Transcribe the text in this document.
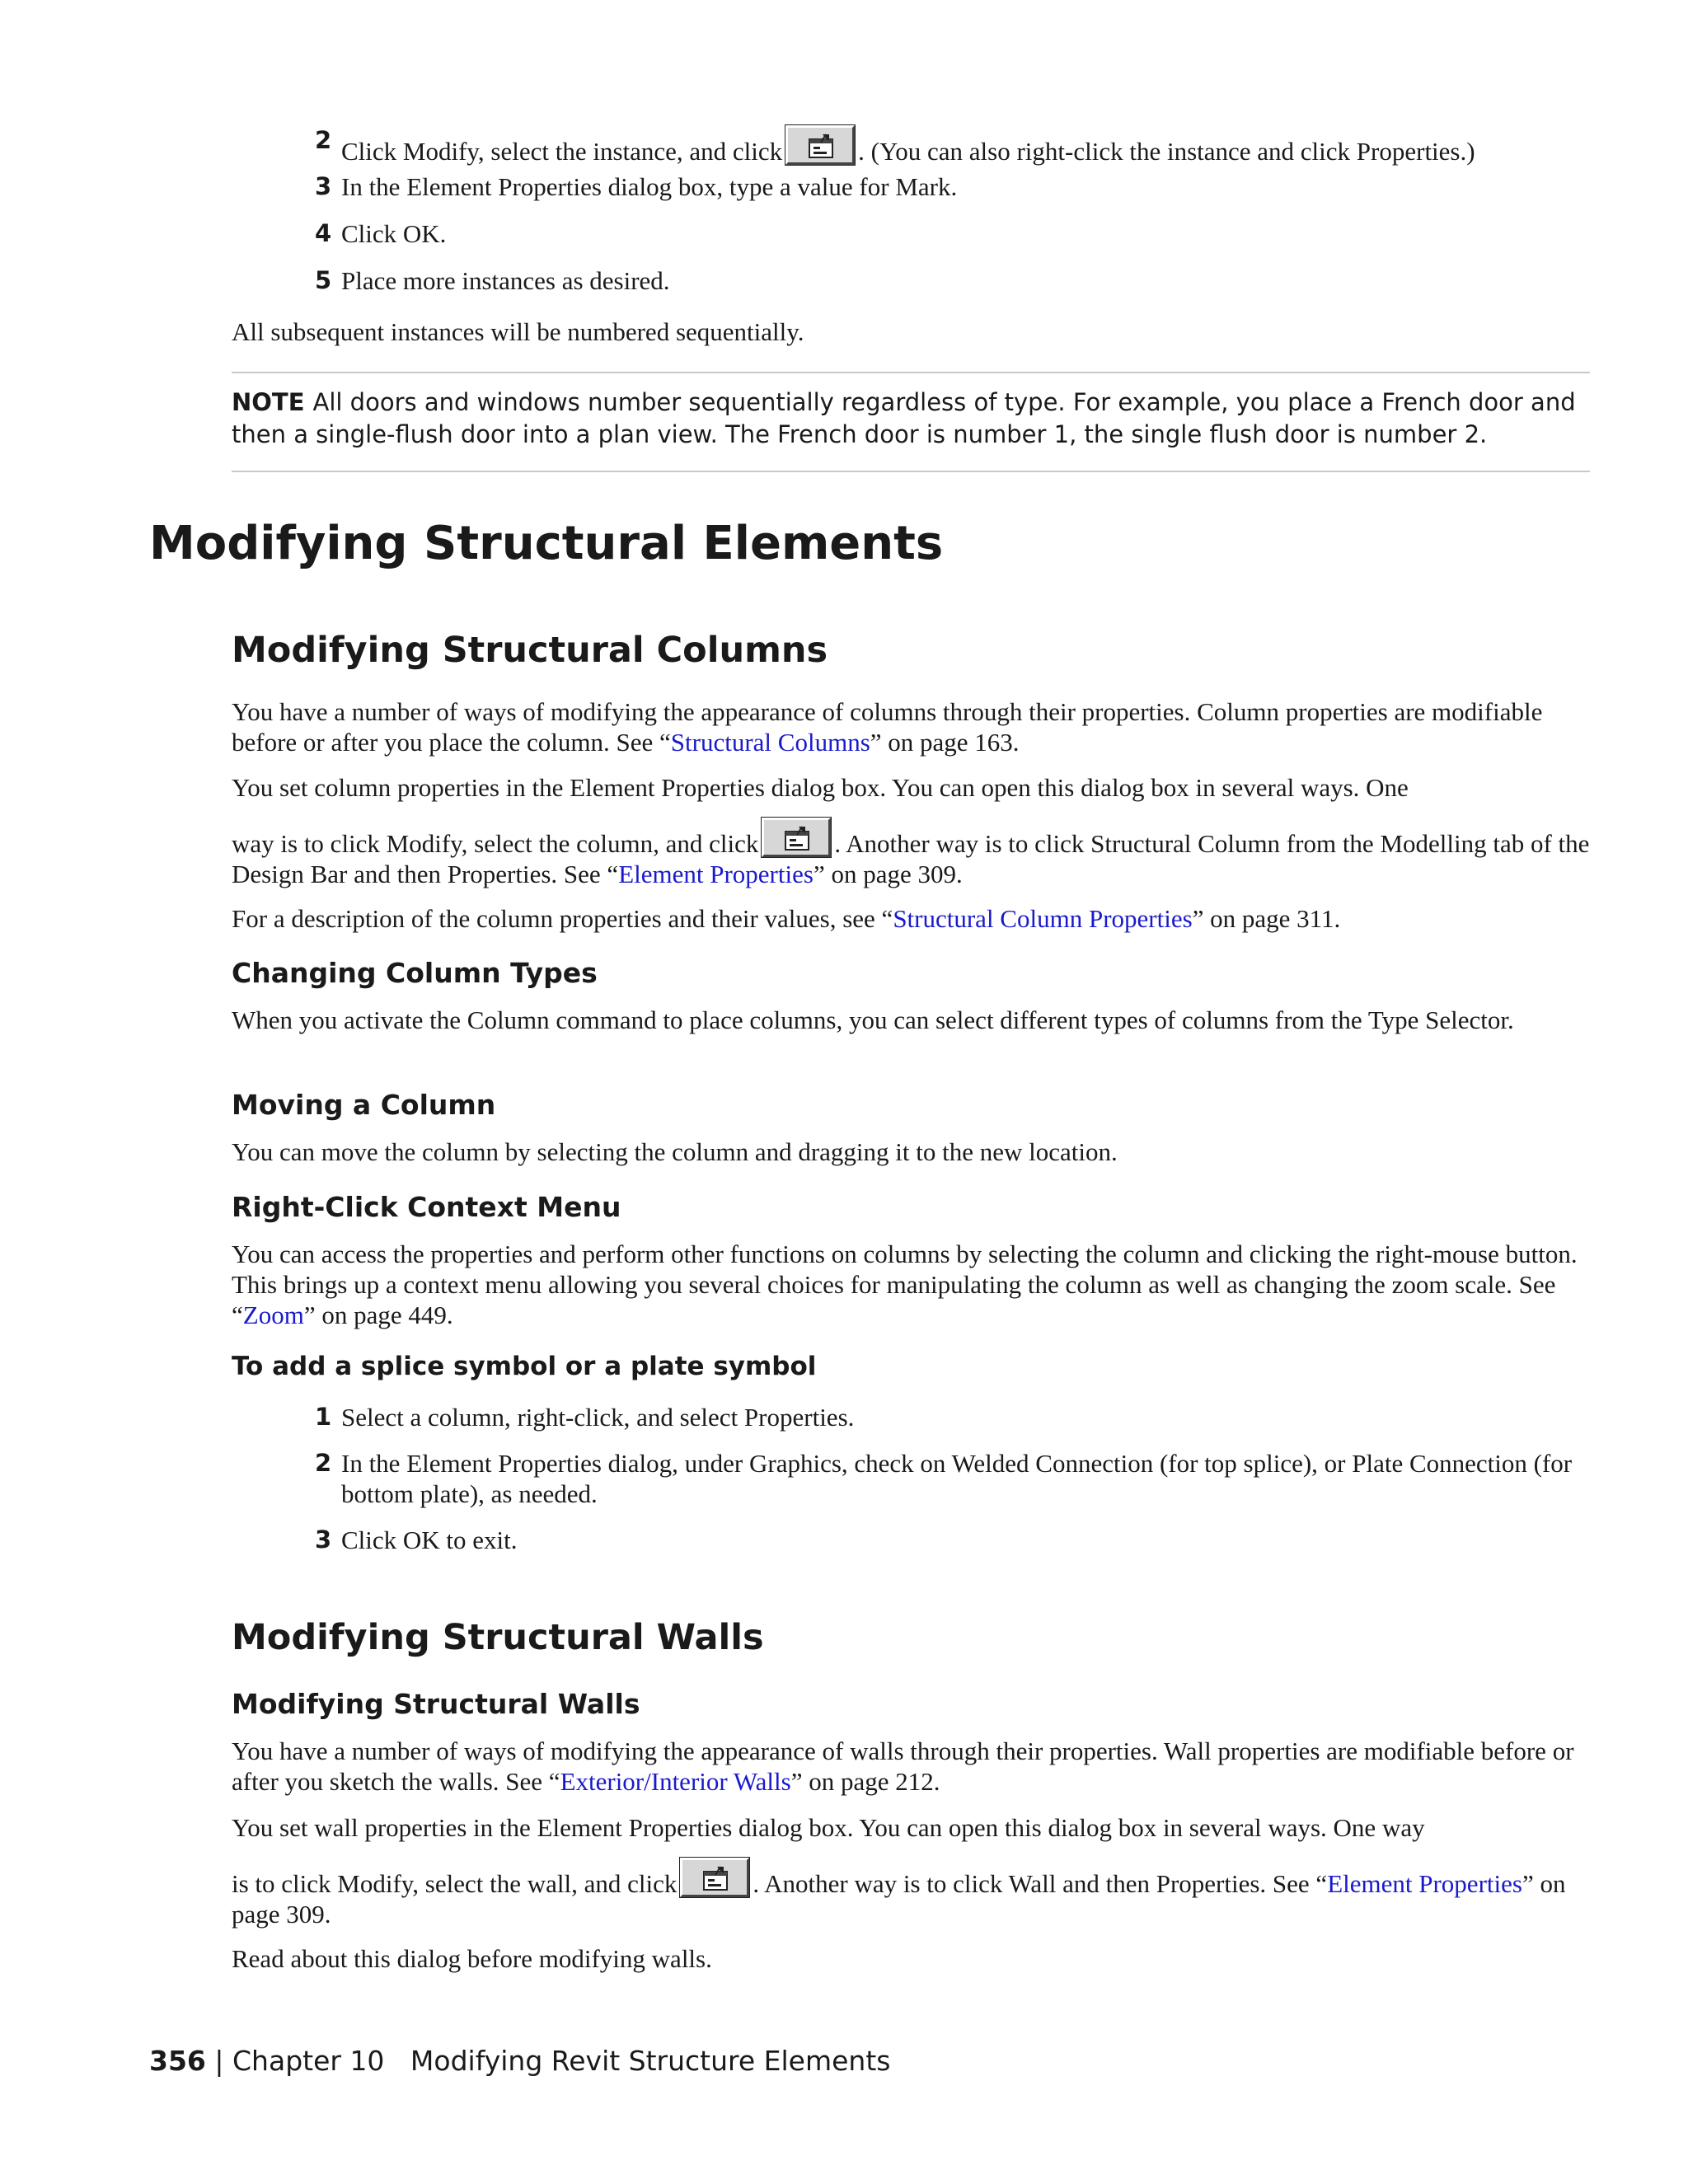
2 Click Modify, select the instance, and click	. (You can also right-click the instance and click Properties.)
3 In the Element Properties dialog box, type a value for Mark.
4 Click OK.
5 Place more instances as desired.
All subsequent instances will be numbered sequentially.
NOTE All doors and windows number sequentially regardless of type. For example, you place a French door and then a single-flush door into a plan view. The French door is number 1, the single flush door is number 2.
Modifying Structural Elements
Modifying Structural Columns
You have a number of ways of modifying the appearance of columns through their properties. Column properties are modifiable before or after you place the column. See “Structural Columns” on page 163.
You set column properties in the Element Properties dialog box. You can open this dialog box in several ways. One
way is to click Modify, select the column, and click	. Another way is to click Structural Column from the Modelling tab of the Design Bar and then Properties. See “Element Properties” on page 309.
For a description of the column properties and their values, see “Structural Column Properties” on page 311.
Changing Column Types
When you activate the Column command to place columns, you can select different types of columns from the Type Selector.
Moving a Column
You can move the column by selecting the column and dragging it to the new location.
Right-Click Context Menu
You can access the properties and perform other functions on columns by selecting the column and clicking the right-mouse button. This brings up a context menu allowing you several choices for manipulating the column as well as changing the zoom scale. See “Zoom” on page 449.
To add a splice symbol or a plate symbol
1 Select a column, right-click, and select Properties.
2 In the Element Properties dialog, under Graphics, check on Welded Connection (for top splice), or Plate Connection (for bottom plate), as needed.
3 Click OK to exit.
Modifying Structural Walls
Modifying Structural Walls
You have a number of ways of modifying the appearance of walls through their properties. Wall properties are modifiable before or after you sketch the walls. See “Exterior/Interior Walls” on page 212.
You set wall properties in the Element Properties dialog box. You can open this dialog box in several ways. One way
is to click Modify, select the wall, and click	. Another way is to click Wall and then Properties. See “Element Properties” on page 309.
Read about this dialog before modifying walls.
356 | Chapter 10 Modifying Revit Structure Elements
